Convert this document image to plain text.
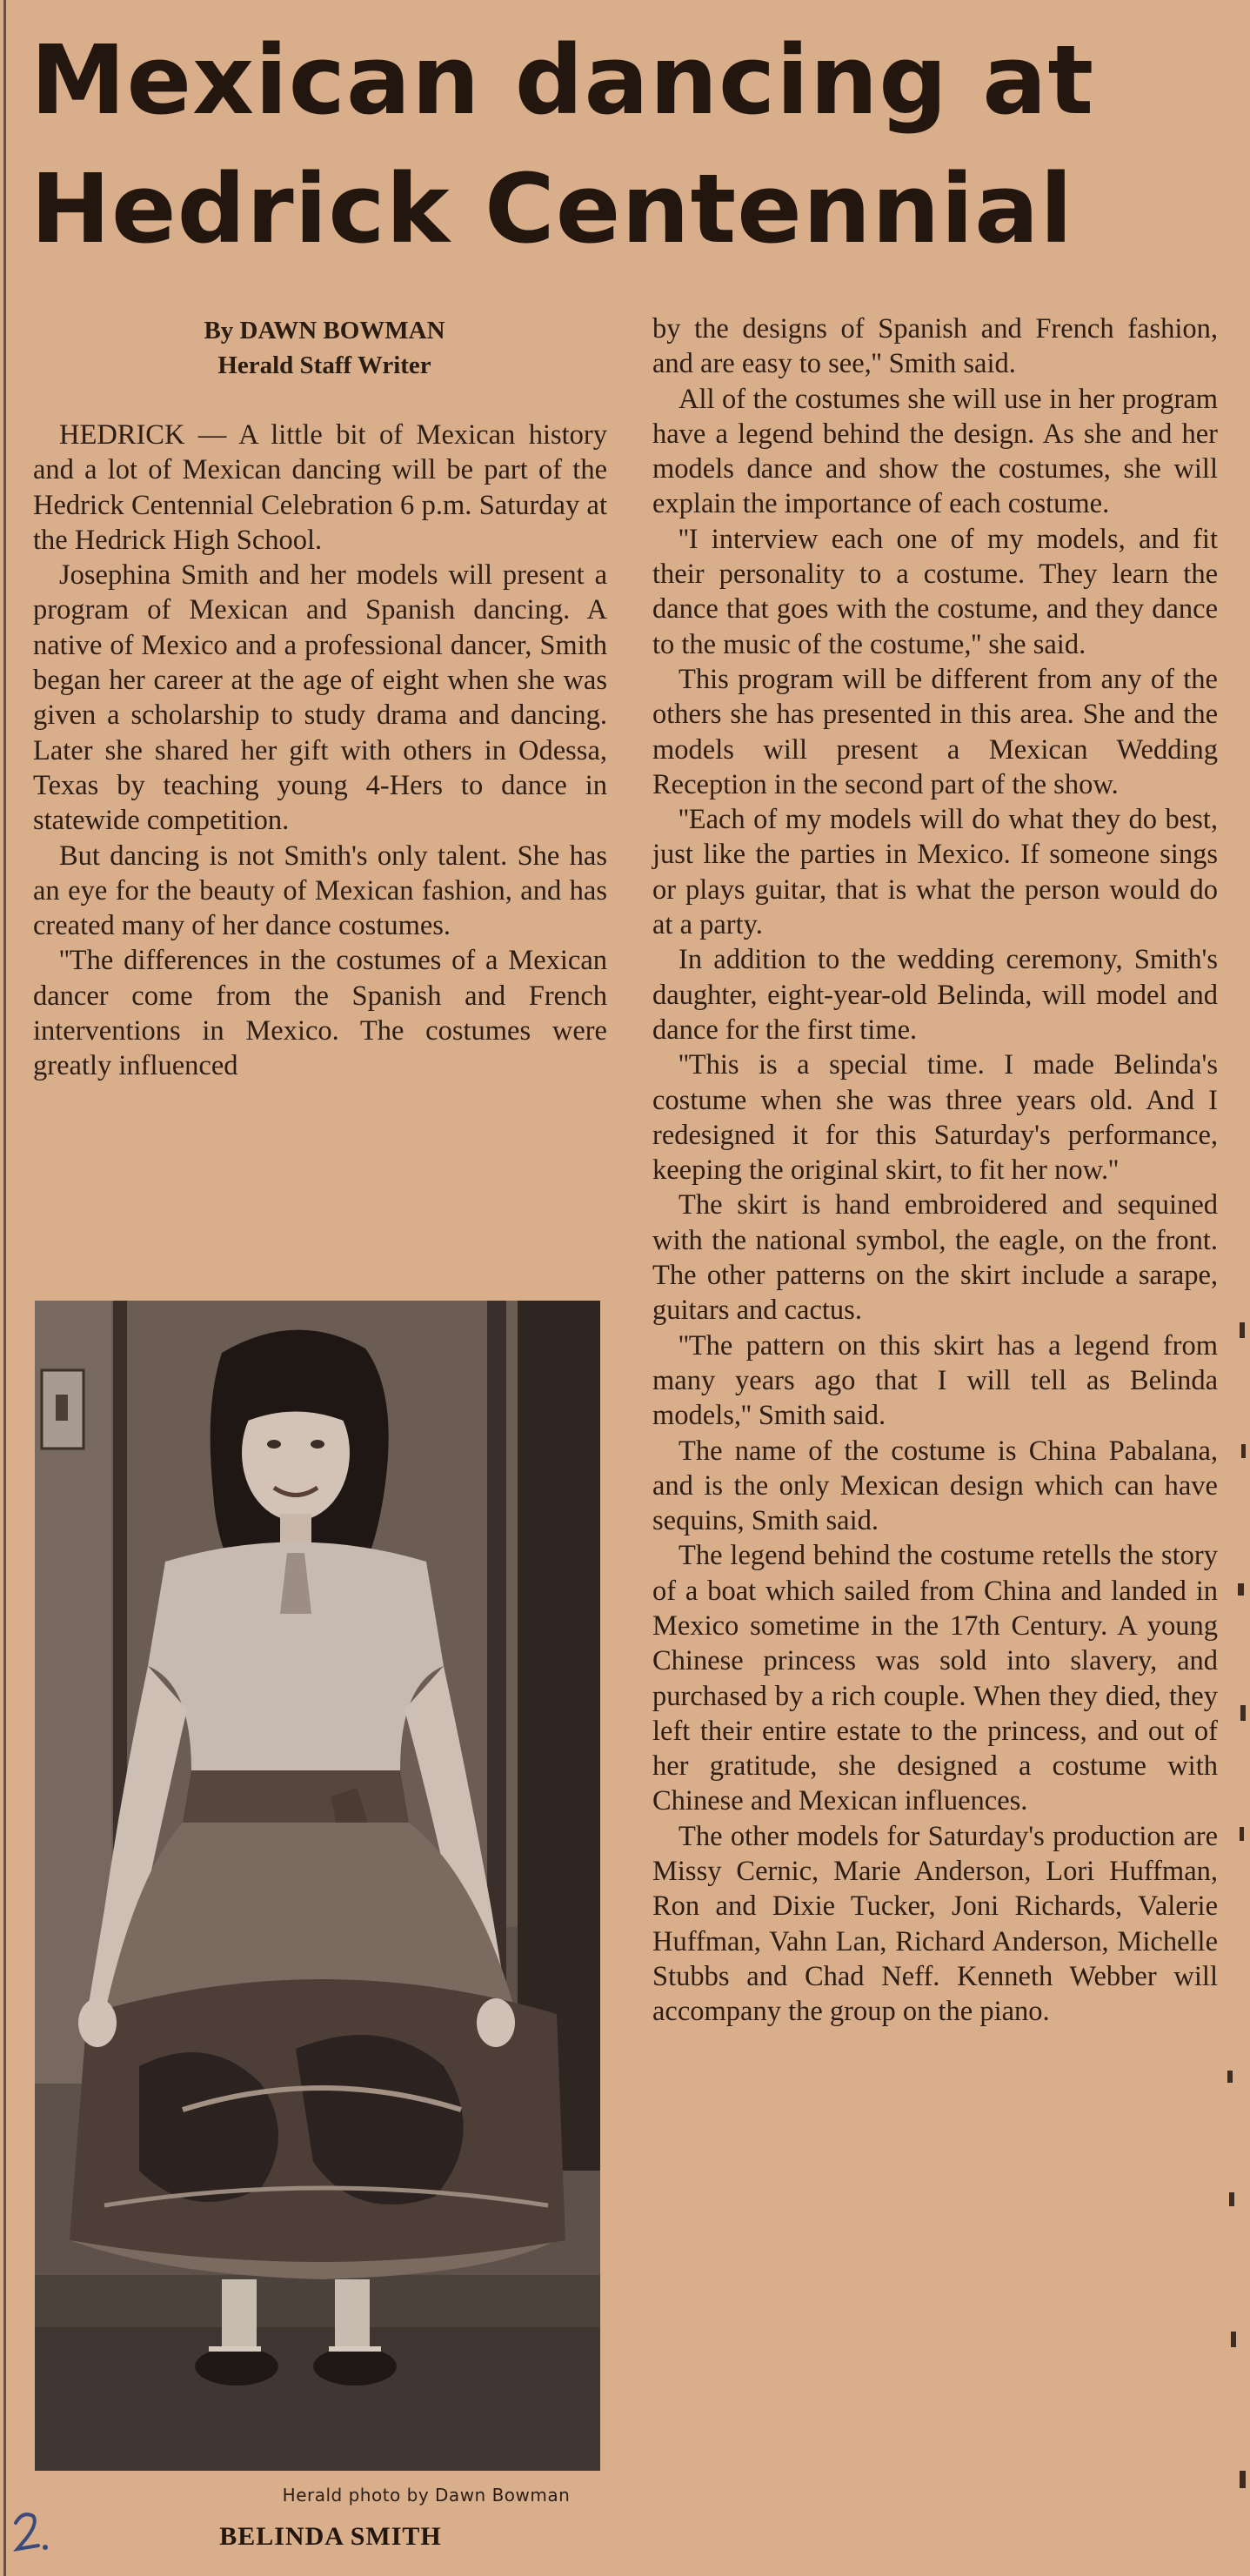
Mexican dancing at
Hedrick Centennial
By DAWN BOWMAN
Herald Staff Writer

HEDRICK — A little bit of Mexican history and a lot of Mexican dancing will be part of the Hedrick Centennial Celebration 6 p.m. Saturday at the Hedrick High School.

Josephina Smith and her models will present a program of Mexican and Spanish dancing. A native of Mexico and a professional dancer, Smith began her career at the age of eight when she was given a scholarship to study drama and dancing. Later she shared her gift with others in Odessa, Texas by teaching young 4-Hers to dance in statewide competition.

But dancing is not Smith's only talent. She has an eye for the beauty of Mexican fashion, and has created many of her dance costumes.

''The differences in the costumes of a Mexican dancer come from the Spanish and French interventions in Mexico. The costumes were greatly influenced

by the designs of Spanish and French fashion, and are easy to see,'' Smith said.

All of the costumes she will use in her program have a legend behind the design. As she and her models dance and show the costumes, she will explain the importance of each costume.

''I interview each one of my models, and fit their personality to a costume. They learn the dance that goes with the costume, and they dance to the music of the costume,'' she said.

This program will be different from any of the others she has presented in this area. She and the models will present a Mexican Wedding Reception in the second part of the show.

''Each of my models will do what they do best, just like the parties in Mexico. If someone sings or plays guitar, that is what the person would do at a party.

In addition to the wedding ceremony, Smith's daughter, eight-year-old Belinda, will model and dance for the first time.

''This is a special time. I made Belinda's costume when she was three years old. And I redesigned it for this Saturday's performance, keeping the original skirt, to fit her now.''

The skirt is hand embroidered and sequined with the national symbol, the eagle, on the front. The other patterns on the skirt include a sarape, guitars and cactus.

''The pattern on this skirt has a legend from many years ago that I will tell as Belinda models,'' Smith said.

The name of the costume is China Pabalana, and is the only Mexican design which can have sequins, Smith said.

The legend behind the costume retells the story of a boat which sailed from China and landed in Mexico sometime in the 17th Century. A young Chinese princess was sold into slavery, and purchased by a rich couple. When they died, they left their entire estate to the princess, and out of her gratitude, she designed a costume with Chinese and Mexican influences.

The other models for Saturday's production are Missy Cernic, Marie Anderson, Lori Huffman, Ron and Dixie Tucker, Joni Richards, Valerie Huffman, Vahn Lan, Richard Anderson, Michelle Stubbs and Chad Neff. Kenneth Webber will accompany the group on the piano.

Herald photo by Dawn Bowman
BELINDA SMITH
